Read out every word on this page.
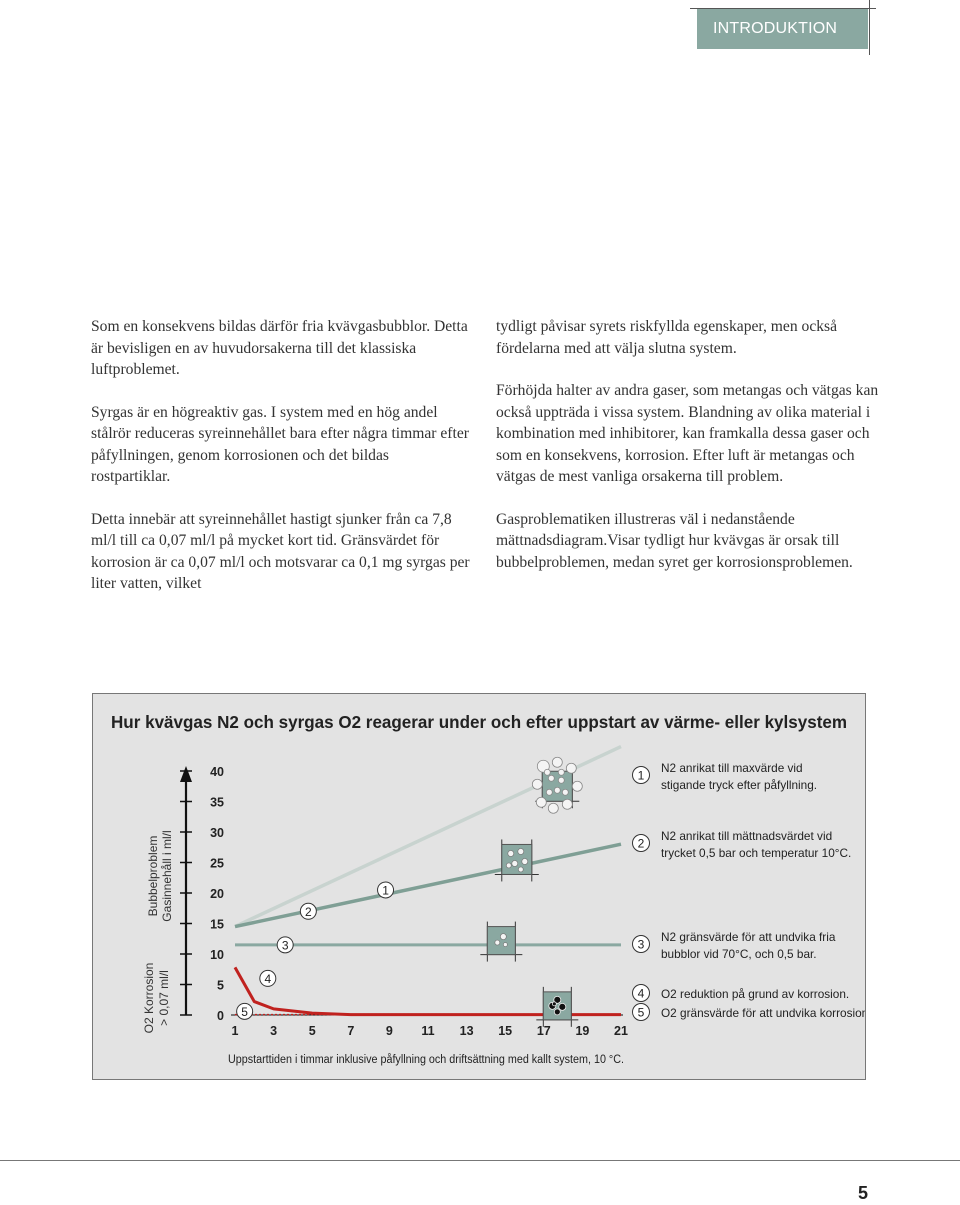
INTRODUKTION

Som en konsekvens bildas därför fria kvävgasbubblor. Detta är bevisligen en av huvudorsakerna till det klassiska luftproblemet.

Syrgas är en högreaktiv gas. I system med en hög andel stålrör reduceras syreinnehållet bara efter några timmar efter påfyllningen, genom korrosionen och det bildas rostpartiklar.

Detta innebär att syreinnehållet hastigt sjunker från ca 7,8 ml/l till ca 0,07 ml/l på mycket kort tid. Gränsvärdet för korrosion är ca 0,07 ml/l och motsvarar ca 0,1 mg syrgas per liter vatten, vilket

tydligt påvisar syrets riskfyllda egenskaper, men också fördelarna med att välja slutna system.

Förhöjda halter av andra gaser, som metangas och vätgas kan också uppträda i vissa system. Blandning av olika material i kombination med inhibitorer, kan framkalla dessa gaser och som en konsekvens, korrosion. Efter luft är metangas och vätgas de mest vanliga orsakerna till problem.

Gasproblematiken illustreras väl i nedanstående mättnadsdiagram.Visar tydligt hur kvävgas är orsak till bubbelproblemen, medan syret ger korrosionsproblemen.

Hur kvävgas N2 och syrgas O2 reagerar under och efter uppstart av värme- eller kylsystem
Bubbelproblem Gasinnehåll i ml/l
O2 Korrosion > 0,07 ml/l
Uppstarttiden i timmar inklusive påfyllning och driftsättning med kallt system, 10 °C.
1
N2 anrikat till maxvärde vid
stigande tryck efter påfyllning.
2
N2 anrikat till mättnadsvärdet vid
trycket 0,5 bar och temperatur 10°C.
3
N2 gränsvärde för att undvika fria
bubblor vid 70°C, och 0,5 bar.
4 O2 reduktion på grund av korrosion.
5 O2 gränsvärde för att undvika korrosion.
0
5
10
15
20
25
30
35
40
1	3	5	7	9 11 13 15 17 19 21
1
2
3
4
5
5
